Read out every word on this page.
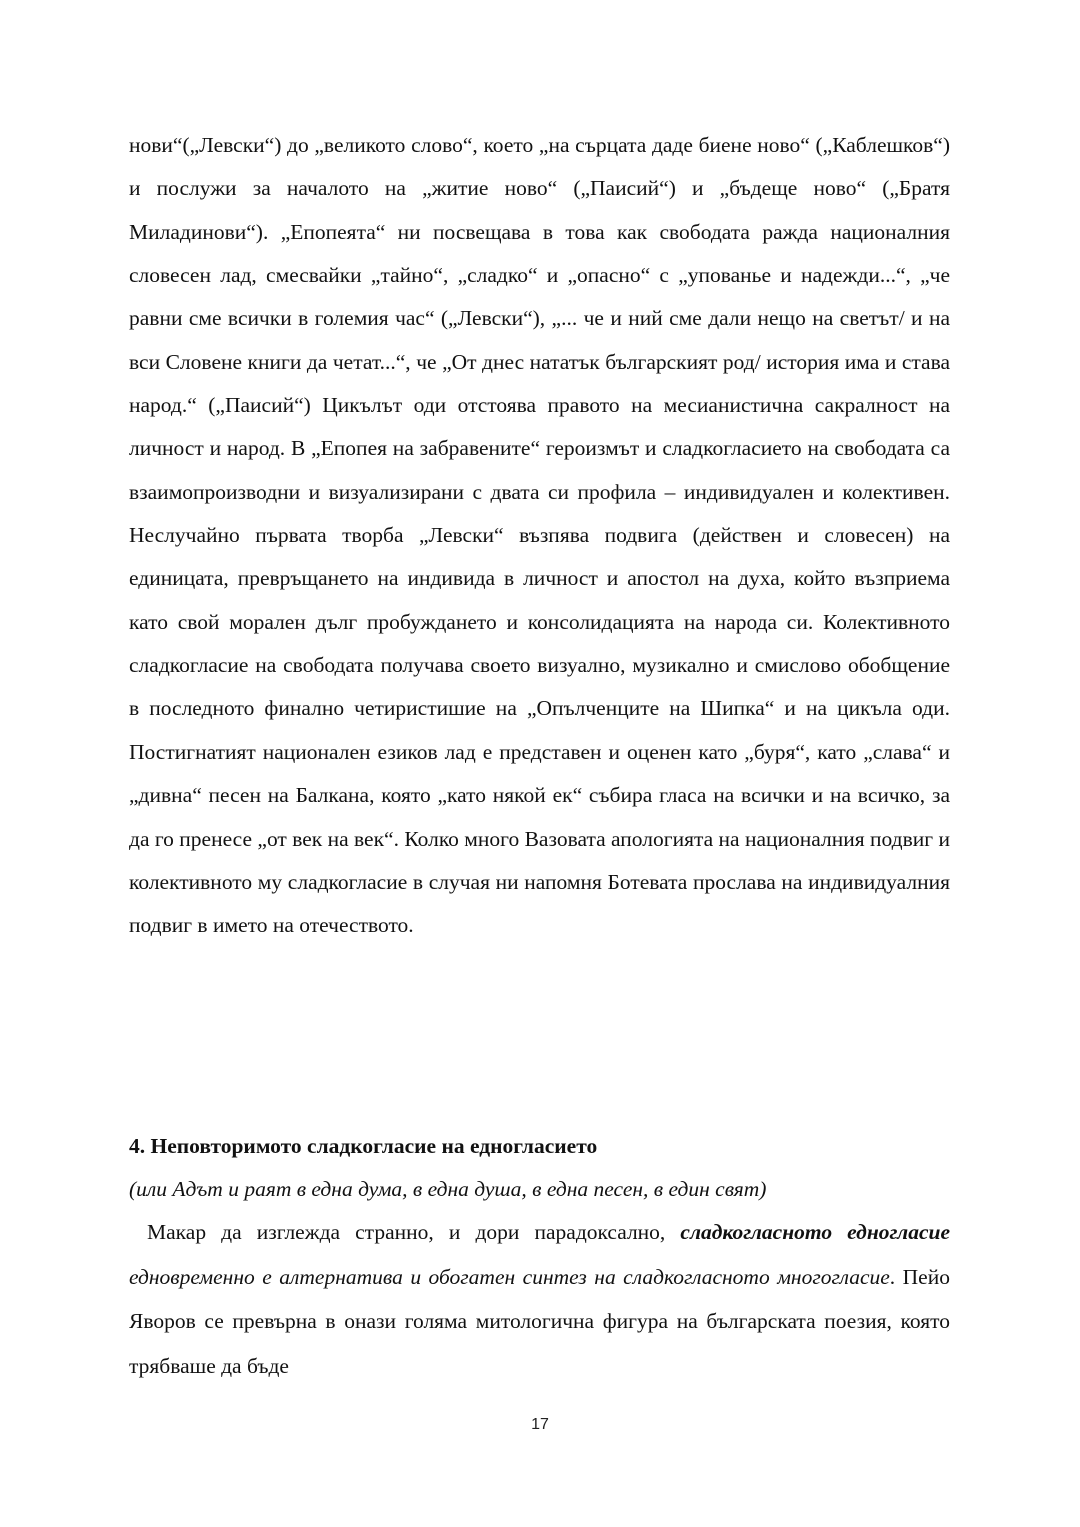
нови“(„Левски“) до „великото слово“, което „на сърцата даде биене ново“ („Каблешков“) и послужи за началото на „житие ново“ („Паисий“) и „бъдеще ново“ („Братя Миладинови“). „Епопеята“ ни посвещава в това как свободата ражда националния словесен лад, смесвайки „тайно“, „сладко“ и „опасно“ с „упованье и надежди...“, „че равни сме всички в големия час“ („Левски“), „... че и ний сме дали нещо на светът/ и на вси Словене книги да четат...“, че „От днес нататък българският род/ история има и става народ.“ („Паисий“) Цикълът оди отстоява правото на месианистична сакралност на личност и народ. В „Епопея на забравените“ героизмът и сладкогласието на свободата са взаимопроизводни и визуализирани с двата си профила – индивидуален и колективен. Неслучайно първата творба „Левски“ възпява подвига (действен и словесен) на единицата, превръщането на индивида в личност и апостол на духа, който възприема като свой морален дълг пробуждането и консолидацията на народа си. Колективното сладкогласие на свободата получава своето визуално, музикално и смислово обобщение в последното финално четиристишие на „Опълченците на Шипка“ и на цикъла оди. Постигнатият национален езиков лад е представен и оценен като „буря“, като „слава“ и „дивна“ песен на Балкана, която „като някой ек“ събира гласа на всички и на всичко, за да го пренесе „от век на век“. Колко много Вазовата апологията на националния подвиг и колективното му сладкогласие в случая ни напомня Ботевата прослава на индивидуалния подвиг в името на отечеството.

4. Неповторимото сладкогласие на едногласието

(или Адът и раят в една дума, в една душа, в една песен, в един свят)

Макар да изглежда странно, и дори парадоксално, сладкогласното едногласие едновременно е алтернатива и обогатен синтез на сладкогласното многогласие. Пейо Яворов се превърна в онази голяма митологична фигура на българската поезия, която трябваше да бъде

17
